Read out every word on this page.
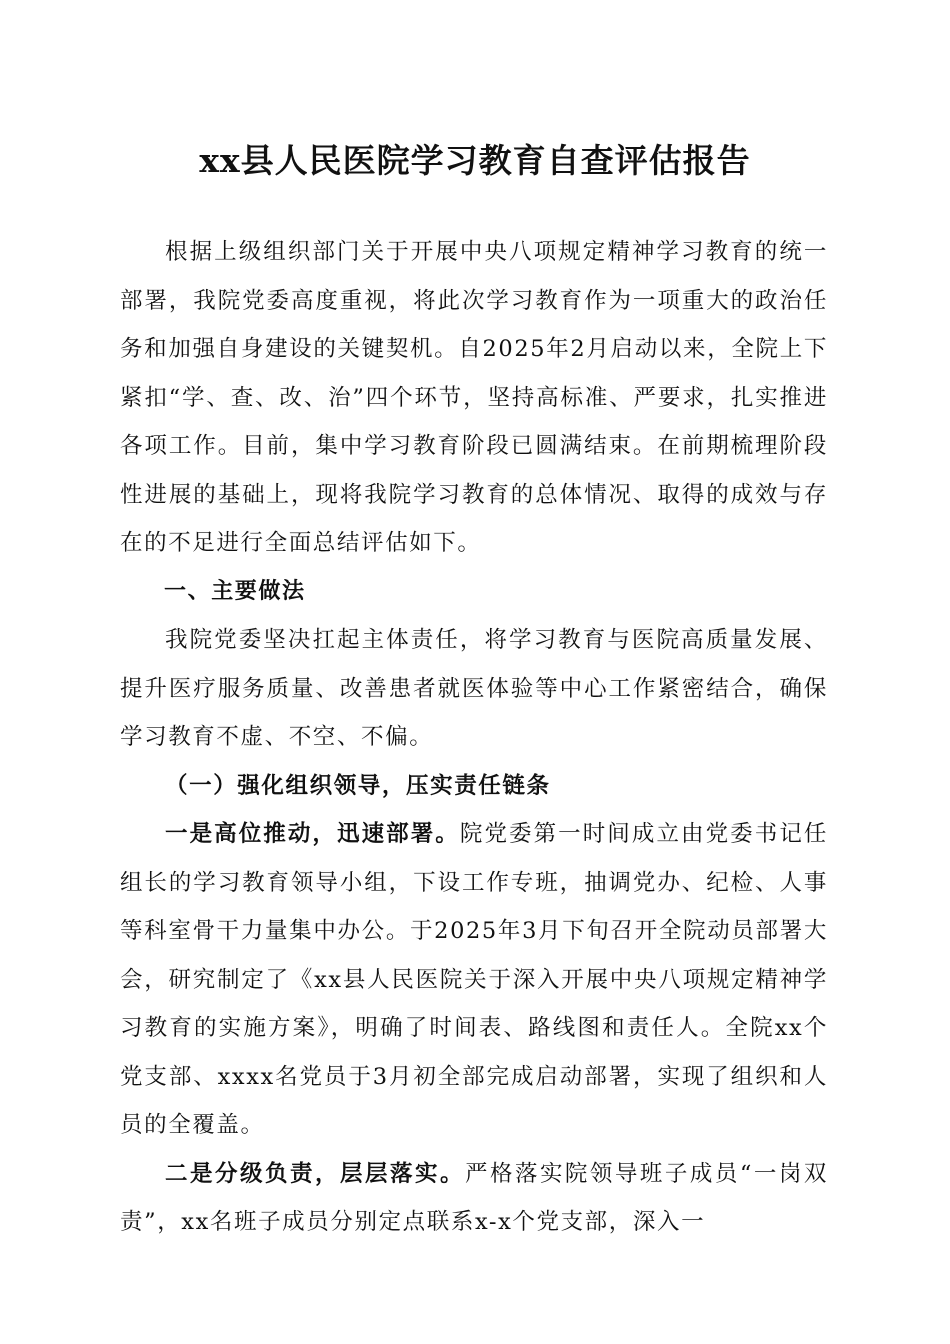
xx县人民医院学习教育自查评估报告

根据上级组织部门关于开展中央八项规定精神学习教育的统一部署，我院党委高度重视，将此次学习教育作为一项重大的政治任务和加强自身建设的关键契机。自2025年2月启动以来，全院上下紧扣“学、查、改、治”四个环节，坚持高标准、严要求，扎实推进各项工作。目前，集中学习教育阶段已圆满结束。在前期梳理阶段性进展的基础上，现将我院学习教育的总体情况、取得的成效与存在的不足进行全面总结评估如下。

一、主要做法

我院党委坚决扛起主体责任，将学习教育与医院高质量发展、提升医疗服务质量、改善患者就医体验等中心工作紧密结合，确保学习教育不虚、不空、不偏。

（一）强化组织领导，压实责任链条

一是高位推动，迅速部署。院党委第一时间成立由党委书记任组长的学习教育领导小组，下设工作专班，抽调党办、纪检、人事等科室骨干力量集中办公。于2025年3月下旬召开全院动员部署大会，研究制定了《xx县人民医院关于深入开展中央八项规定精神学习教育的实施方案》，明确了时间表、路线图和责任人。全院xx个党支部、xxxx名党员于3月初全部完成启动部署，实现了组织和人员的全覆盖。

二是分级负责，层层落实。严格落实院领导班子成员“一岗双责”，xx名班子成员分别定点联系x-x个党支部，深入一
